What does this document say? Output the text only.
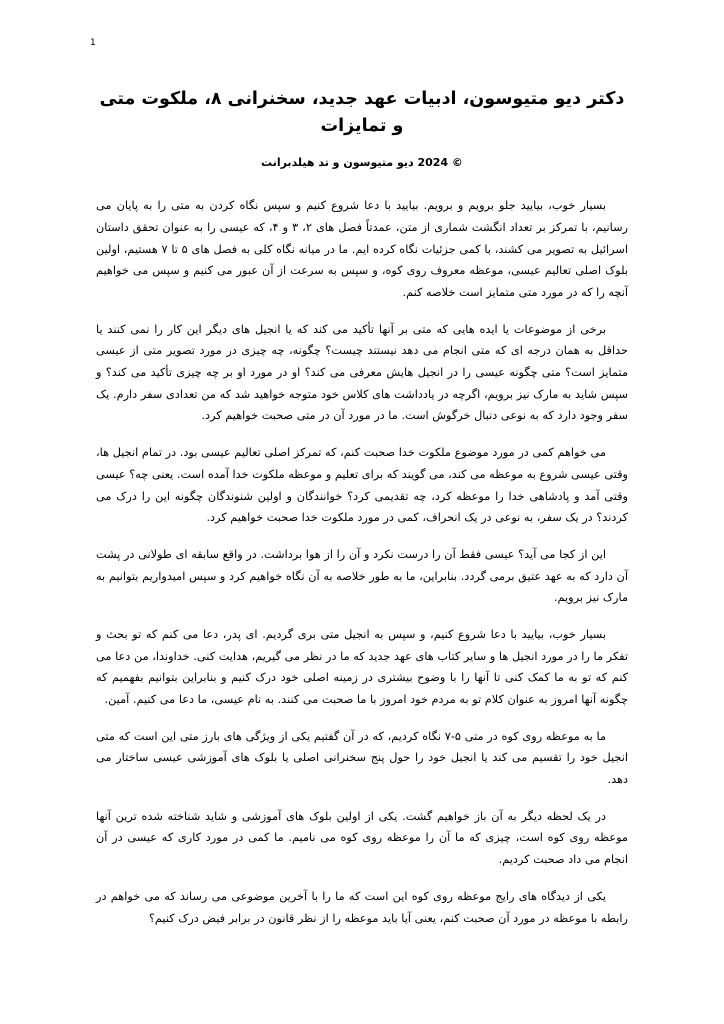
1
دکتر دیو متیوسون، ادبیات عهد جدید، سخنرانی ۸، ملکوت متی و تمایزات
© 2024 دیو متیوسون و تد هیلدبرانت

بسیار خوب، بیایید جلو برویم و برویم. بیایید با دعا شروع کنیم و سپس نگاه کردن به متی را به پایان می رسانیم، با تمرکز بر تعداد انگشت شماری از متن، عمدتاً فصل های ۲، ۳ و ۴، که عیسی را به عنوان تحقق داستان اسرائیل به تصویر می کشند، با کمی جزئیات نگاه کرده ایم. ما در میانه نگاه کلی به فصل های ۵ تا ۷ هستیم، اولین بلوک اصلی تعالیم عیسی، موعظه معروف روی کوه، و سپس به سرعت از آن عبور می کنیم و سپس می خواهیم آنچه را که در مورد متی متمایز است خلاصه کنم.

برخی از موضوعات یا ایده هایی که متی بر آنها تأکید می کند که یا انجیل های دیگر این کار را نمی کنند یا حداقل به همان درجه ای که متی انجام می دهد نیستند چیست؟ چگونه، چه چیزی در مورد تصویر متی از عیسی متمایز است؟ متی چگونه عیسی را در انجیل هایش معرفی می کند؟ او در مورد او بر چه چیزی تأکید می کند؟ و سپس شاید به مارک نیز برویم، اگرچه در یادداشت های کلاس خود متوجه خواهید شد که من تعدادی سفر دارم. یک سفر وجود دارد که به نوعی دنبال خرگوش است. ما در مورد آن در متی صحبت خواهیم کرد.

می خواهم کمی در مورد موضوع ملکوت خدا صحبت کنم، که تمرکز اصلی تعالیم عیسی بود. در تمام انجیل ها، وقتی عیسی شروع به موعظه می کند، می گویند که برای تعلیم و موعظه ملکوت خدا آمده است. یعنی چه؟ عیسی وقتی آمد و پادشاهی خدا را موعظه کرد، چه تقدیمی کرد؟ خوانندگان و اولین شنوندگان چگونه این را درک می کردند؟ در یک سفر، به نوعی در یک انحراف، کمی در مورد ملکوت خدا صحبت خواهیم کرد.

این از کجا می آید؟ عیسی فقط آن را درست نکرد و آن را از هوا برداشت. در واقع سابقه ای طولانی در پشت آن دارد که به عهد عتیق برمی گردد. بنابراین، ما به طور خلاصه به آن نگاه خواهیم کرد و سپس امیدواریم بتوانیم به مارک نیز برویم.

بسیار خوب، بیایید با دعا شروع کنیم، و سپس به انجیل متی بری گردیم. ای پدر، دعا می کنم که تو بحث و تفکر ما را در مورد انجیل ها و سایر کتاب های عهد جدید که ما در نظر می گیریم، هدایت کنی. خداوندا، من دعا می کنم که تو به ما کمک کنی تا آنها را با وضوح بیشتری در زمینه اصلی خود درک کنیم و بنابراین بتوانیم بفهمیم که چگونه آنها امروز به عنوان کلام تو به مردم خود امروز با ما صحبت می کنند. به نام عیسی، ما دعا می کنیم. آمین.

ما به موعظه روی کوه در متی ۵-۷ نگاه کردیم، که در آن گفتیم یکی از ویژگی های بارز متی این است که متی انجیل خود را تقسیم می کند یا انجیل خود را حول پنج سخنرانی اصلی یا بلوک های آموزشی عیسی ساختار می دهد.

در یک لحظه دیگر به آن باز خواهیم گشت. یکی از اولین بلوک های آموزشی و شاید شناخته شده ترین آنها موعظه روی کوه است، چیزی که ما آن را موعظه روی کوه می نامیم. ما کمی در مورد کاری که عیسی در آن انجام می داد صحبت کردیم.

یکی از دیدگاه های رایج موعظه روی کوه این است که ما را با آخرین موضوعی می رساند که می خواهم در رابطه با موعظه در مورد آن صحبت کنم، یعنی آیا باید موعظه را از نظر قانون در برابر فیض درک کنیم؟
